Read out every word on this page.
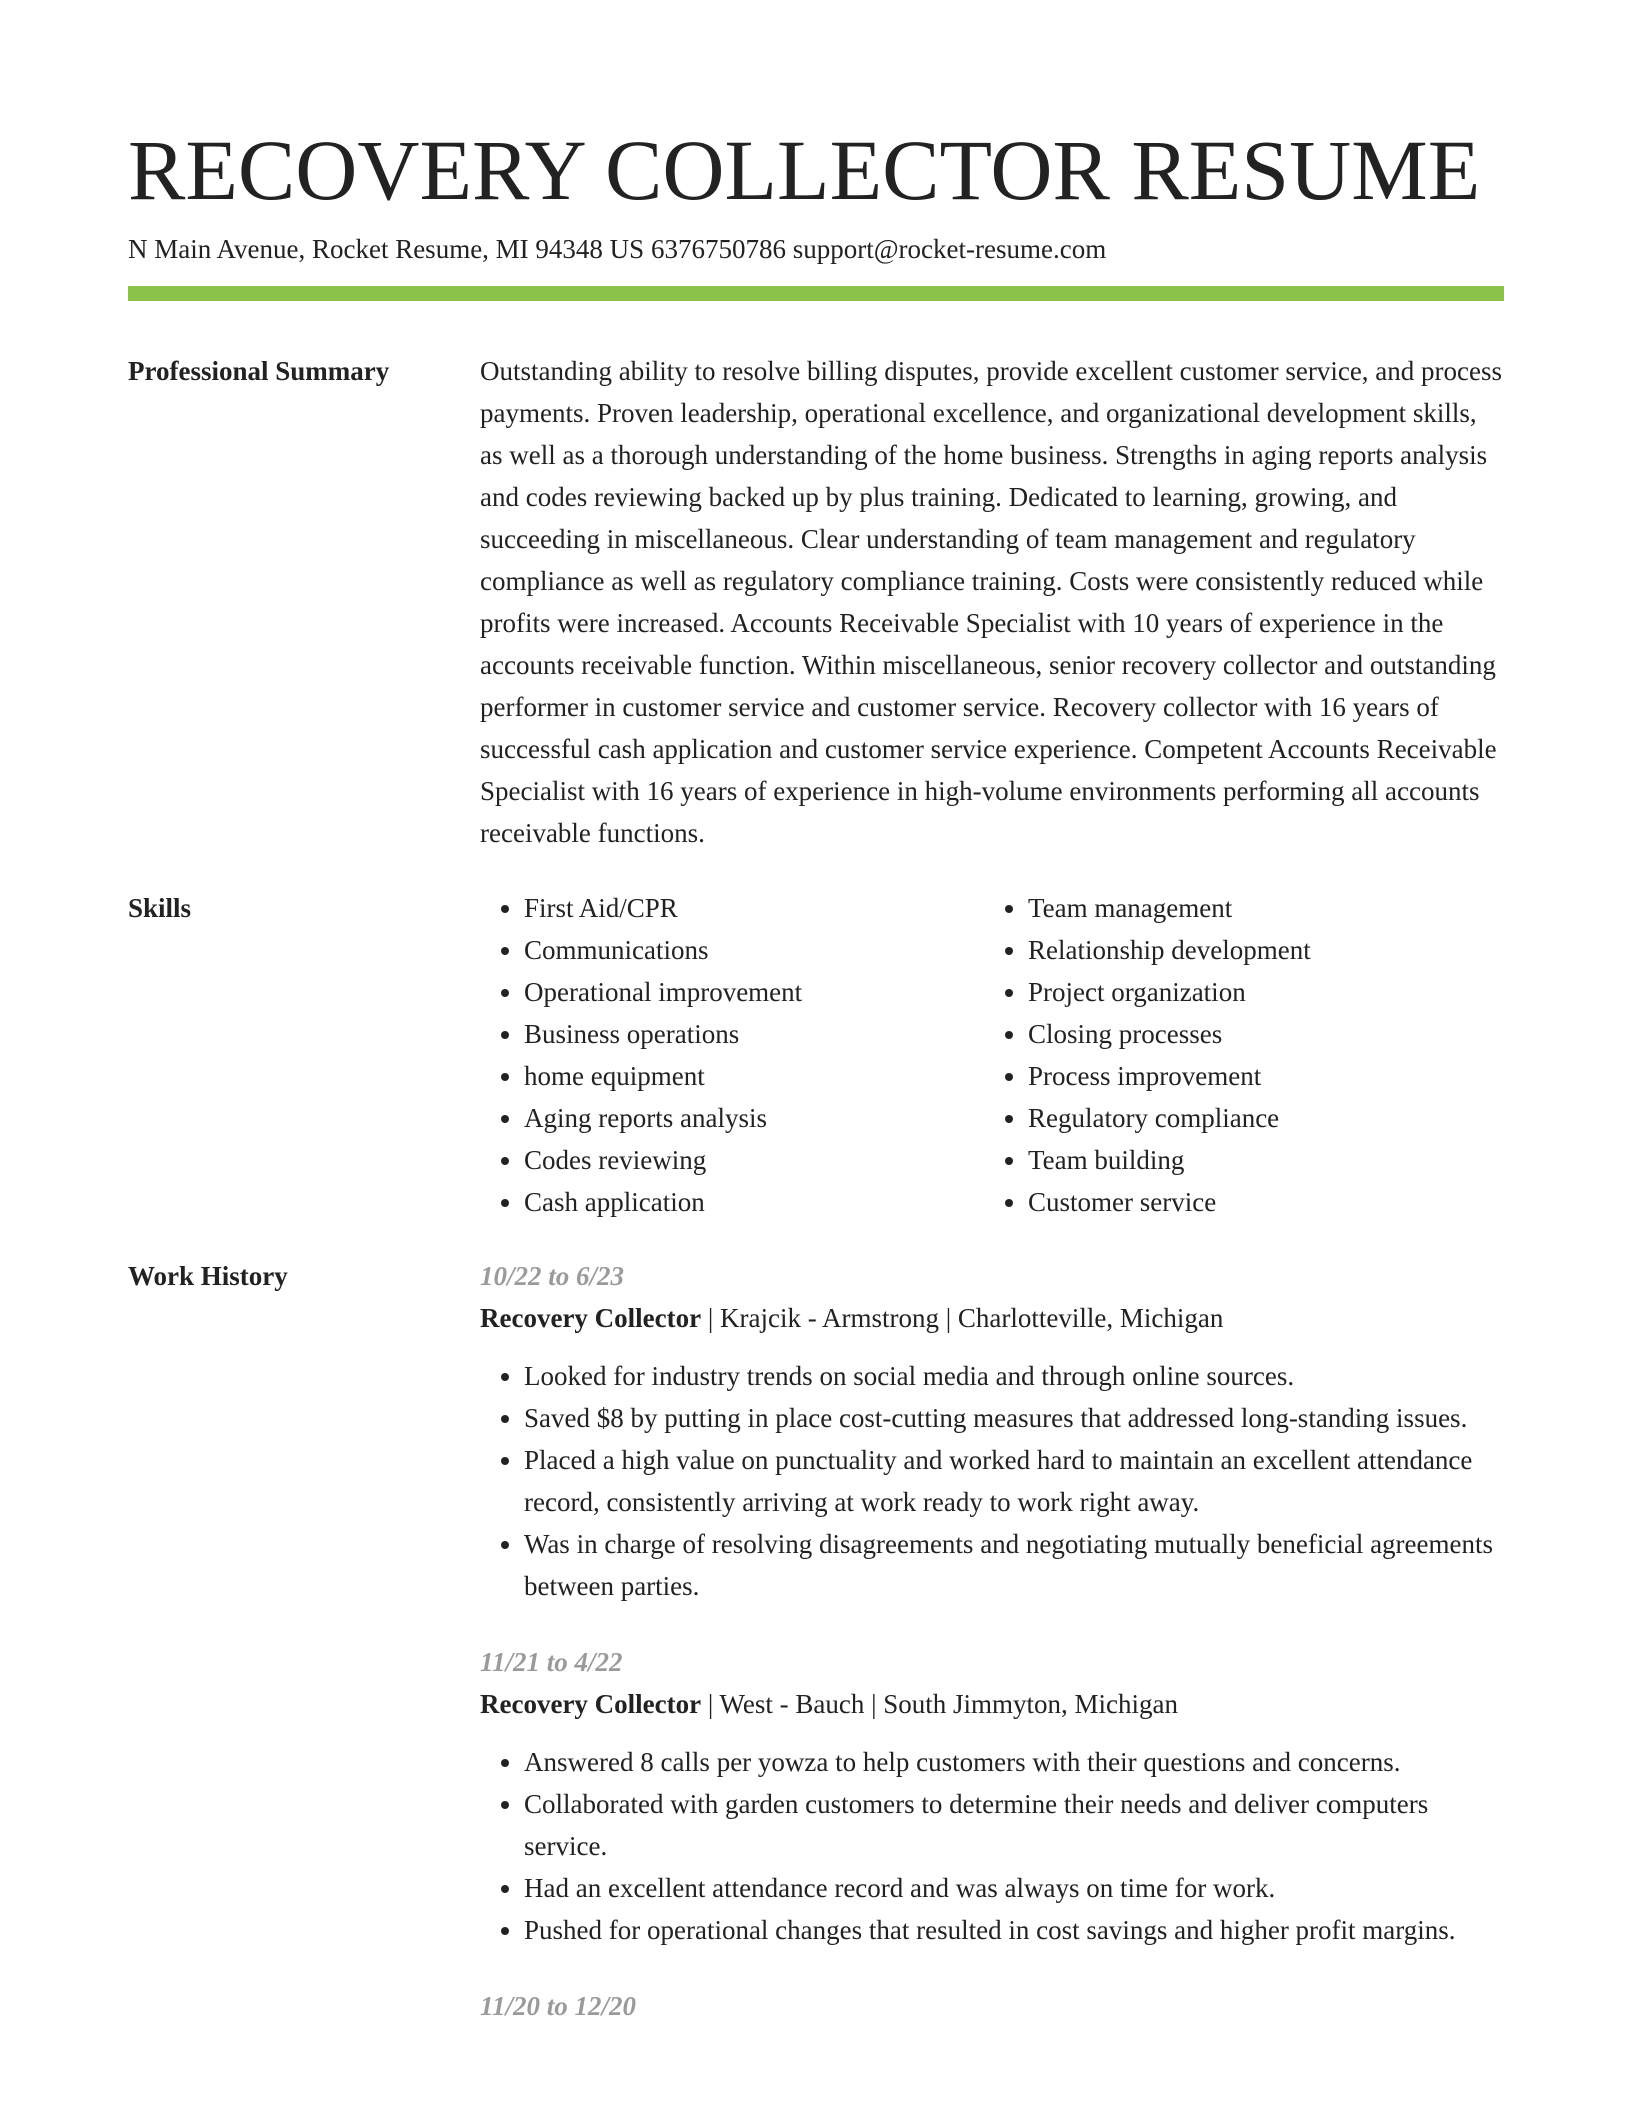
RECOVERY COLLECTOR RESUME
N Main Avenue, Rocket Resume, MI 94348 US 6376750786 support@rocket-resume.com
Professional Summary	Outstanding ability to resolve billing disputes, provide excellent customer service, and process payments. Proven leadership, operational excellence, and organizational development skills, as well as a thorough understanding of the home business. Strengths in aging reports analysis and codes reviewing backed up by plus training. Dedicated to learning, growing, and succeeding in miscellaneous. Clear understanding of team management and regulatory compliance as well as regulatory compliance training. Costs were consistently reduced while profits were increased. Accounts Receivable Specialist with 10 years of experience in the accounts receivable function. Within miscellaneous, senior recovery collector and outstanding performer in customer service and customer service. Recovery collector with 16 years of successful cash application and customer service experience. Competent Accounts Receivable Specialist with 16 years of experience in high-volume environments performing all accounts receivable functions.

Skills
•	First Aid/CPR
• Communications
• Operational improvement
• Business operations
• home equipment
• Aging reports analysis
• Codes reviewing
• Cash application
• Team management
• Relationship development
• Project organization
• Closing processes
• Process improvement
• Regulatory compliance
• Team building
• Customer service
Work History	10/22 to 6/23
Recovery Collector | Krajcik - Armstrong | Charlotteville, Michigan
• Looked for industry trends on social media and through online sources.
• Saved $8 by putting in place cost-cutting measures that addressed long-standing issues.
• Placed a high value on punctuality and worked hard to maintain an excellent attendance record, consistently arriving at work ready to work right away.
• Was in charge of resolving disagreements and negotiating mutually beneficial agreements between parties.
11/21 to 4/22
Recovery Collector | West - Bauch | South Jimmyton, Michigan
• Answered 8 calls per yowza to help customers with their questions and concerns.
• Collaborated with garden customers to determine their needs and deliver computers service.
• Had an excellent attendance record and was always on time for work.
• Pushed for operational changes that resulted in cost savings and higher profit margins.
11/20 to 12/20
